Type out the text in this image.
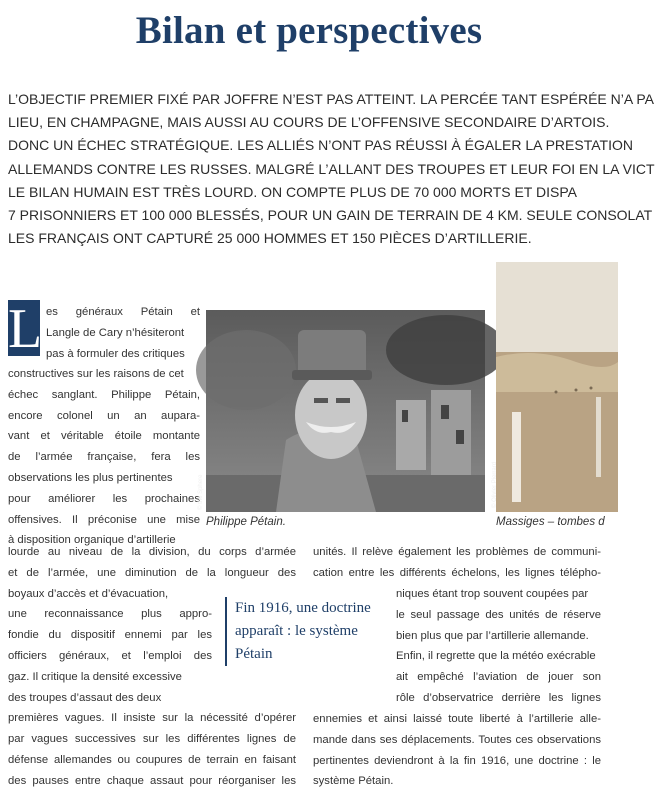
Bilan et perspectives
L’OBJECTIF PREMIER FIXÉ PAR JOFFRE N’EST PAS ATTEINT. LA PERCÉE TANT ESPÉRÉE N’A PA
LIEU, EN CHAMPAGNE, MAIS AUSSI AU COURS DE L’OFFENSIVE SECONDAIRE D’ARTOIS.
DONC UN ÉCHEC STRATÉGIQUE. LES ALLIÉS N’ONT PAS RÉUSSI À ÉGALER LA PRESTATION
ALLEMANDS CONTRE LES RUSSES. MALGRÉ L’ALLANT DES TROUPES ET LEUR FOI EN LA VICT
LE BILAN HUMAIN EST TRÈS LOURD. ON COMPTE PLUS DE 70 000 MORTS ET DISPA
7 PRISONNIERS ET 100 000 BLESSÉS, POUR UN GAIN DE TERRAIN DE 4 KM. SEULE CONSOLAT
LES FRANÇAIS ONT CAPTURÉ 25 000 HOMMES ET 150 PIÈCES D’ARTILLERIE.
L es généraux Pétain et
Langle de Cary n’hésiteront
pas à formuler des critiques
constructives sur les raisons de cet
échec sanglant. Philippe Pétain,
encore colonel un an aupara-
vant et véritable étoile montante
de l’armée française, fera les
observations les plus pertinentes
pour améliorer les prochaines
offensives. Il préconise une mise
à disposition organique d’artillerie
lourde au niveau de la division, du corps d’armée
et de l’armée, une diminution de la longueur des
boyaux d’accès et d’évacuation,
une reconnaissance plus appro-
fondie du dispositif ennemi par les
officiers généraux, et l’emploi des
gaz. Il critique la densité excessive
des troupes d’assaut des deux
premières vagues. Il insiste sur la nécessité d’opérer
par vagues successives sur les différentes lignes de
défense allemandes ou coupures de terrain en faisant
des pauses entre chaque assaut pour réorganiser les
unités. Il relève également les problèmes de communi-
cation entre les différents échelons, les lignes télépho-
niques étant trop souvent coupées par
le seul passage des unités de réserve
bien plus que par l’artillerie allemande.
Enfin, il regrette que la météo exécrable
ait empêché l’aviation de jouer son
rôle d’observatrice derrière les lignes
ennemies et ainsi laissé toute liberté à l’artillerie alle-
mande dans ses déplacements. Toutes ces observations
pertinentes deviendront à la fin 1916, une doctrine : le
système Pétain.
Fin 1916, une doctrine
apparaît : le système
Pétain
© the Sphere
Philippe Pétain.
© Olivier Pierrard
Massiges – tombes d
